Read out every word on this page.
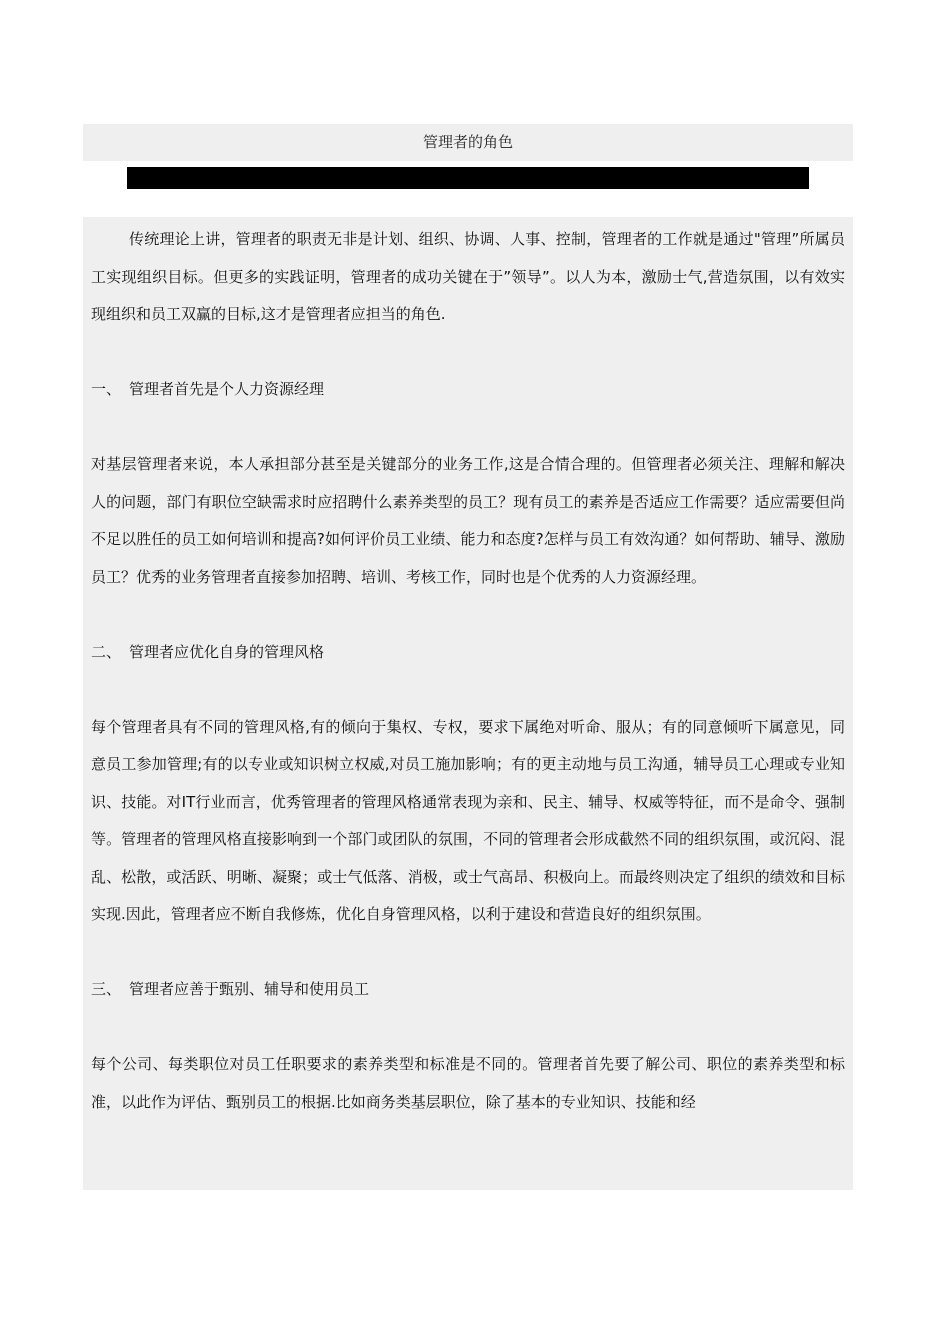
管理者的角色

传统理论上讲，管理者的职责无非是计划、组织、协调、人事、控制，管理者的工作就是通过"管理”所属员工实现组织目标。但更多的实践证明，管理者的成功关键在于”领导”。以人为本，激励士气,营造氛围，以有效实现组织和员工双赢的目标,这才是管理者应担当的角色.

一、 管理者首先是个人力资源经理

对基层管理者来说，本人承担部分甚至是关键部分的业务工作,这是合情合理的。但管理者必须关注、理解和解决人的问题，部门有职位空缺需求时应招聘什么素养类型的员工？现有员工的素养是否适应工作需要？适应需要但尚不足以胜任的员工如何培训和提高?如何评价员工业绩、能力和态度?怎样与员工有效沟通？如何帮助、辅导、激励员工？优秀的业务管理者直接参加招聘、培训、考核工作，同时也是个优秀的人力资源经理。

二、 管理者应优化自身的管理风格

每个管理者具有不同的管理风格,有的倾向于集权、专权，要求下属绝对听命、服从；有的同意倾听下属意见，同意员工参加管理;有的以专业或知识树立权威,对员工施加影响；有的更主动地与员工沟通，辅导员工心理或专业知识、技能。对IT行业而言，优秀管理者的管理风格通常表现为亲和、民主、辅导、权威等特征，而不是命令、强制等。管理者的管理风格直接影响到一个部门或团队的氛围，不同的管理者会形成截然不同的组织氛围，或沉闷、混乱、松散，或活跃、明晰、凝聚；或士气低落、消极，或士气高昂、积极向上。而最终则决定了组织的绩效和目标实现.因此，管理者应不断自我修炼，优化自身管理风格，以利于建设和营造良好的组织氛围。

三、 管理者应善于甄别、辅导和使用员工

每个公司、每类职位对员工任职要求的素养类型和标准是不同的。管理者首先要了解公司、职位的素养类型和标准，以此作为评估、甄别员工的根据.比如商务类基层职位，除了基本的专业知识、技能和经
